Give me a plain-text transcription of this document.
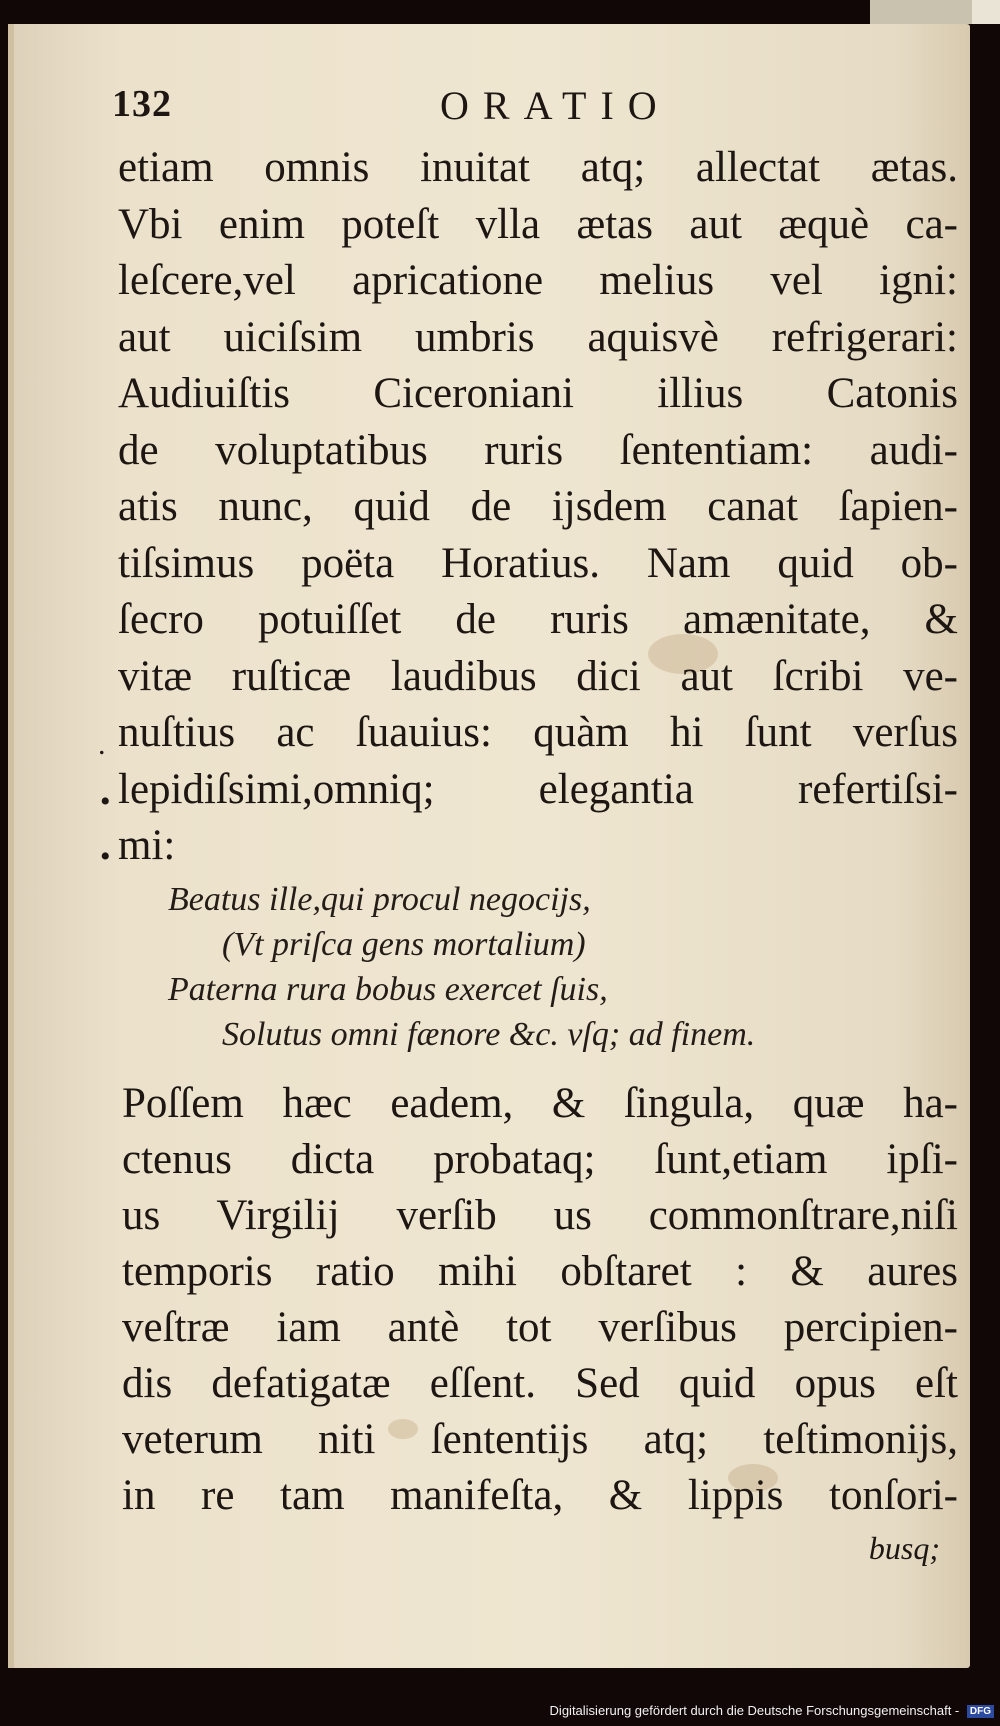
132	ORATIO
etiam omnis inuitat atq; allectat ætas.
Vbi enim poteſt vlla ætas aut æquè ca-
leſcere,vel apricatione melius vel igni:
aut uiciſsim umbris aquisvè refrigerari:
Audiuiſtis Ciceroniani illius Catonis
de voluptatibus ruris ſententiam: audi-
atis nunc, quid de ijsdem canat ſapien-
tiſsimus poëta Horatius. Nam quid ob-
ſecro potuiſſet de ruris amænitate, &
vitæ ruſticæ laudibus dici aut ſcribi ve-
nuſtius ac ſuauius: quàm hi ſunt verſus
lepidiſsimi,omniq; elegantia refertiſsi-
mi:
Beatus ille,qui procul negocijs,
(Vt priſca gens mortalium)
Paterna rura bobus exercet ſuis,
Solutus omni fænore &c. vſq; ad finem.
Poſſem hæc eadem, & ſingula, quæ ha-
ctenus dicta probataq; ſunt,etiam ipſi-
us Virgilij verſib us commonſtrare,niſi
temporis ratio mihi obſtaret : & aures
veſtræ iam antè tot verſibus percipien-
dis defatigatæ eſſent. Sed quid opus eſt
veterum niti ſententijs atq; teſtimonijs,
in re tam manifeſta, & lippis tonſori-
busq;
.
•
•
Digitalisierung gefördert durch die Deutsche Forschungsgemeinschaft - DFG
